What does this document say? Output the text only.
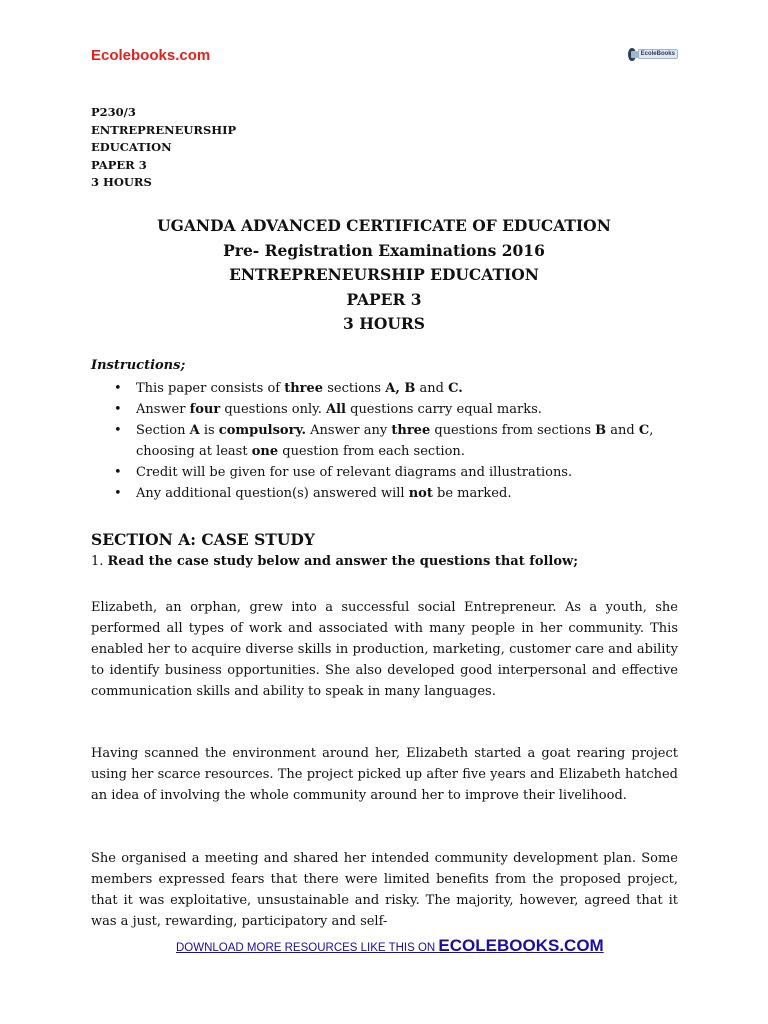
Ecolebooks.com	EcoleBooks
P230/3
ENTREPRENEURSHIP
EDUCATION
PAPER 3
3 HOURS
UGANDA ADVANCED CERTIFICATE OF EDUCATION
Pre- Registration Examinations 2016
ENTREPRENEURSHIP EDUCATION
PAPER 3
3 HOURS
Instructions;
• This paper consists of three sections A, B and C.
• Answer four questions only. All questions carry equal marks.
• Section A is compulsory. Answer any three questions from sections B and C, choosing at least one question from each section.
• Credit will be given for use of relevant diagrams and illustrations.
• Any additional question(s) answered will not be marked.
SECTION A: CASE STUDY
1. Read the case study below and answer the questions that follow;

Elizabeth, an orphan, grew into a successful social Entrepreneur. As a youth, she performed all types of work and associated with many people in her community. This enabled her to acquire diverse skills in production, marketing, customer care and ability to identify business opportunities. She also developed good interpersonal and effective communication skills and ability to speak in many languages.

Having scanned the environment around her, Elizabeth started a goat rearing project using her scarce resources. The project picked up after five years and Elizabeth hatched an idea of involving the whole community around her to improve their livelihood.

She organised a meeting and shared her intended community development plan. Some members expressed fears that there were limited benefits from the proposed project, that it was exploitative, unsustainable and risky. The majority, however, agreed that it was a just, rewarding, participatory and self-

DOWNLOAD MORE RESOURCES LIKE THIS ON ECOLEBOOKS.COM
